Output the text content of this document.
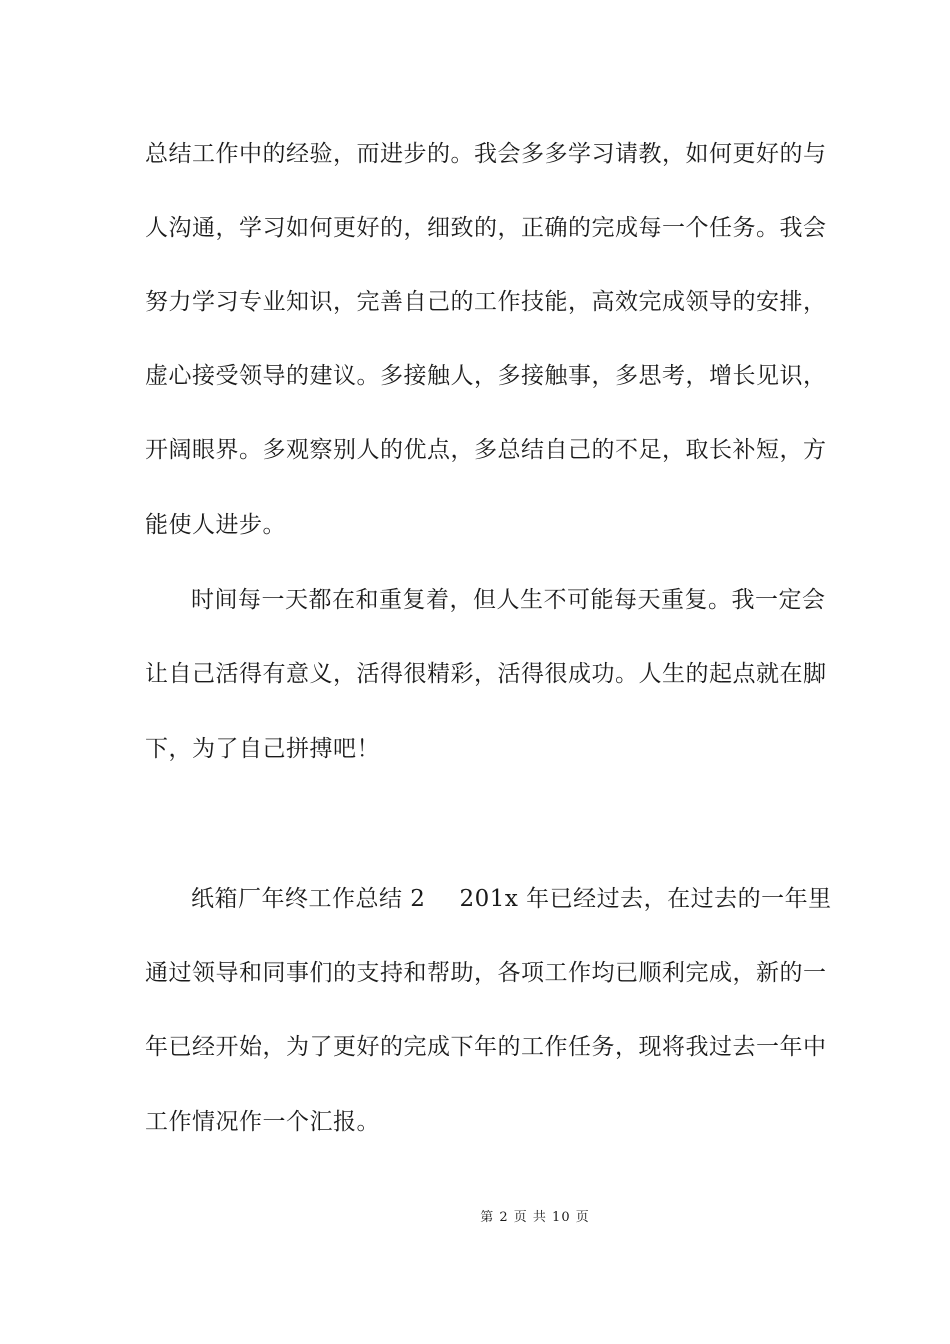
总结工作中的经验，而进步的。我会多多学习请教，如何更好的与
人沟通，学习如何更好的，细致的，正确的完成每一个任务。我会
努力学习专业知识，完善自己的工作技能，高效完成领导的安排，
虚心接受领导的建议。多接触人，多接触事，多思考，增长见识，
开阔眼界。多观察别人的优点，多总结自己的不足，取长补短，方
能使人进步。
时间每一天都在和重复着，但人生不可能每天重复。我一定会
让自己活得有意义，活得很精彩，活得很成功。人生的起点就在脚
下，为了自己拼搏吧！
纸箱厂年终工作总结 2 201x 年已经过去，在过去的一年里
通过领导和同事们的支持和帮助，各项工作均已顺利完成，新的一
年已经开始，为了更好的完成下年的工作任务，现将我过去一年中
工作情况作一个汇报。
第 2 页 共 10 页
